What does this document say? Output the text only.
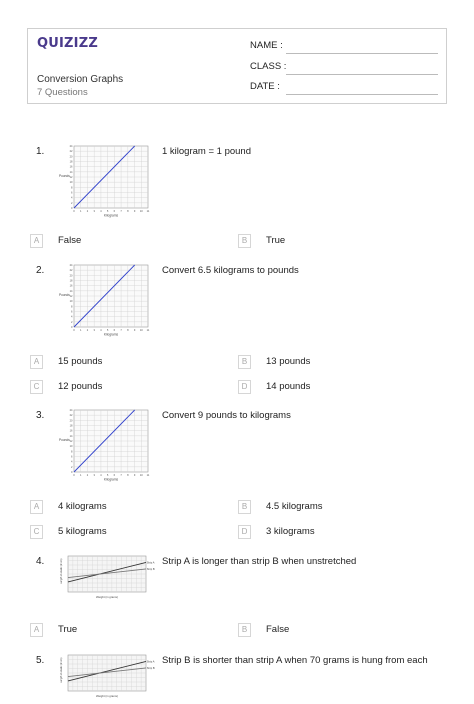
QUIZIZZ
Conversion Graphs
7 Questions
NAME :
CLASS :
DATE :
1.
0 1 2 3 4 5 6 7 8 9 10 11
0
2
4
6
8
10
12
14
16
18
20
22
24
Pounds
Kilograms
1 kilogram = 1 pound
A	False	B	True
2.
0 1 2 3 4 5 6 7 8 9 10 11
0
2
4
6
8
10
12
14
16
18
20
22
24
Pounds
Kilograms
Convert 6.5 kilograms to pounds
A	15 pounds	B	13 pounds
C	12 pounds	D	14 pounds
3.
0 1 2 3 4 5 6 7 8 9 10 11
0
2
4
6
8
10
12
14
16
18
20
22
24
Pounds
Kilograms
Convert 9 pounds to kilograms
A	4 kilograms	B	4.5 kilograms
C	5 kilograms	D	3 kilograms
4.	Strip A
Strip B
Length of elastic (in cm)
Weight (in grams)
Strip A is longer than strip B when unstretched
A	True	B	False
5.	Strip A
Strip B
Length of elastic (in cm)
Weight (in grams)
Strip B is shorter than strip A when 70 grams is hung from each
